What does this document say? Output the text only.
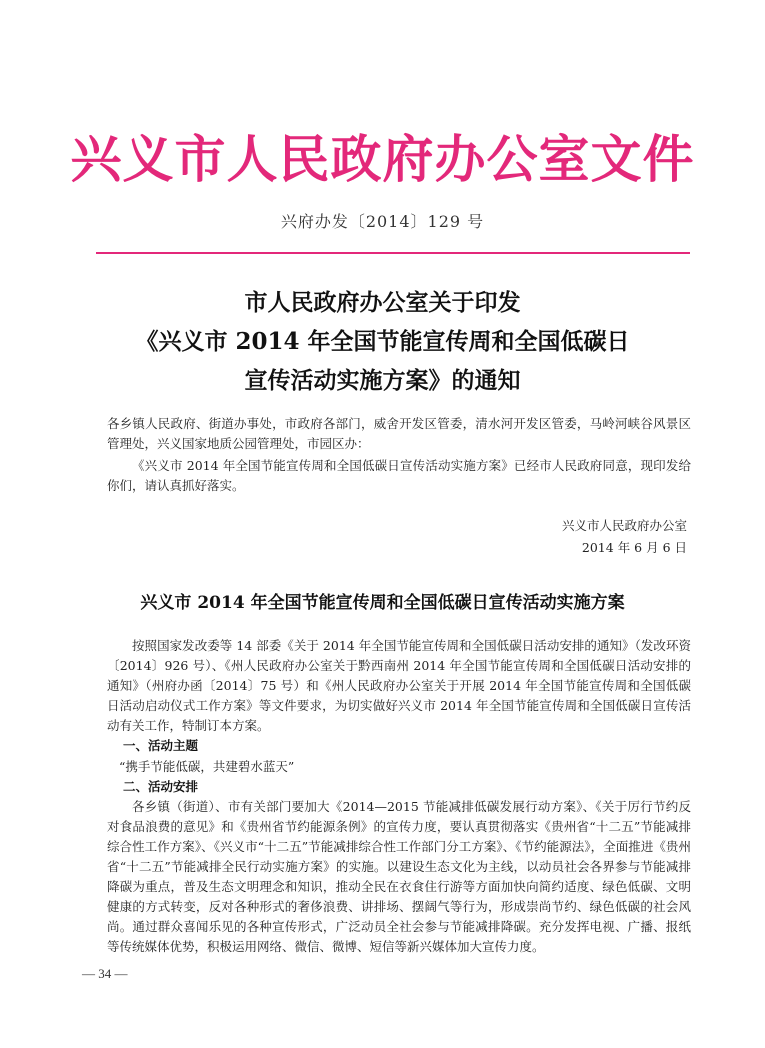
兴义市人民政府办公室文件
兴府办发〔2014〕129 号
市人民政府办公室关于印发
《兴义市 2014 年全国节能宣传周和全国低碳日
宣传活动实施方案》的通知
各乡镇人民政府、街道办事处，市政府各部门，威舍开发区管委，清水河开发区管委，马岭河峡谷风景区管理处，兴义国家地质公园管理处，市园区办：
《兴义市 2014 年全国节能宣传周和全国低碳日宣传活动实施方案》已经市人民政府同意，现印发给你们，请认真抓好落实。
兴义市人民政府办公室
2014 年 6 月 6 日
兴义市 2014 年全国节能宣传周和全国低碳日宣传活动实施方案
按照国家发改委等 14 部委《关于 2014 年全国节能宣传周和全国低碳日活动安排的通知》（发改环资〔2014〕926 号）、《州人民政府办公室关于黔西南州 2014 年全国节能宣传周和全国低碳日活动安排的通知》（州府办函〔2014〕75 号）和《州人民政府办公室关于开展 2014 年全国节能宣传周和全国低碳日活动启动仪式工作方案》等文件要求，为切实做好兴义市 2014 年全国节能宣传周和全国低碳日宣传活动有关工作，特制订本方案。
一、活动主题
“携手节能低碳，共建碧水蓝天”
二、活动安排
各乡镇（街道）、市有关部门要加大《2014—2015 节能减排低碳发展行动方案》、《关于厉行节约反对食品浪费的意见》和《贵州省节约能源条例》的宣传力度，要认真贯彻落实《贵州省“十二五”节能减排综合性工作方案》、《兴义市“十二五”节能减排综合性工作部门分工方案》、《节约能源法》，全面推进《贵州省“十二五”节能减排全民行动实施方案》的实施。以建设生态文化为主线，以动员社会各界参与节能减排降碳为重点，普及生态文明理念和知识，推动全民在衣食住行游等方面加快向简约适度、绿色低碳、文明健康的方式转变，反对各种形式的奢侈浪费、讲排场、摆阔气等行为，形成崇尚节约、绿色低碳的社会风尚。通过群众喜闻乐见的各种宣传形式，广泛动员全社会参与节能减排降碳。充分发挥电视、广播、报纸等传统媒体优势，积极运用网络、微信、微博、短信等新兴媒体加大宣传力度。
— 34 —
